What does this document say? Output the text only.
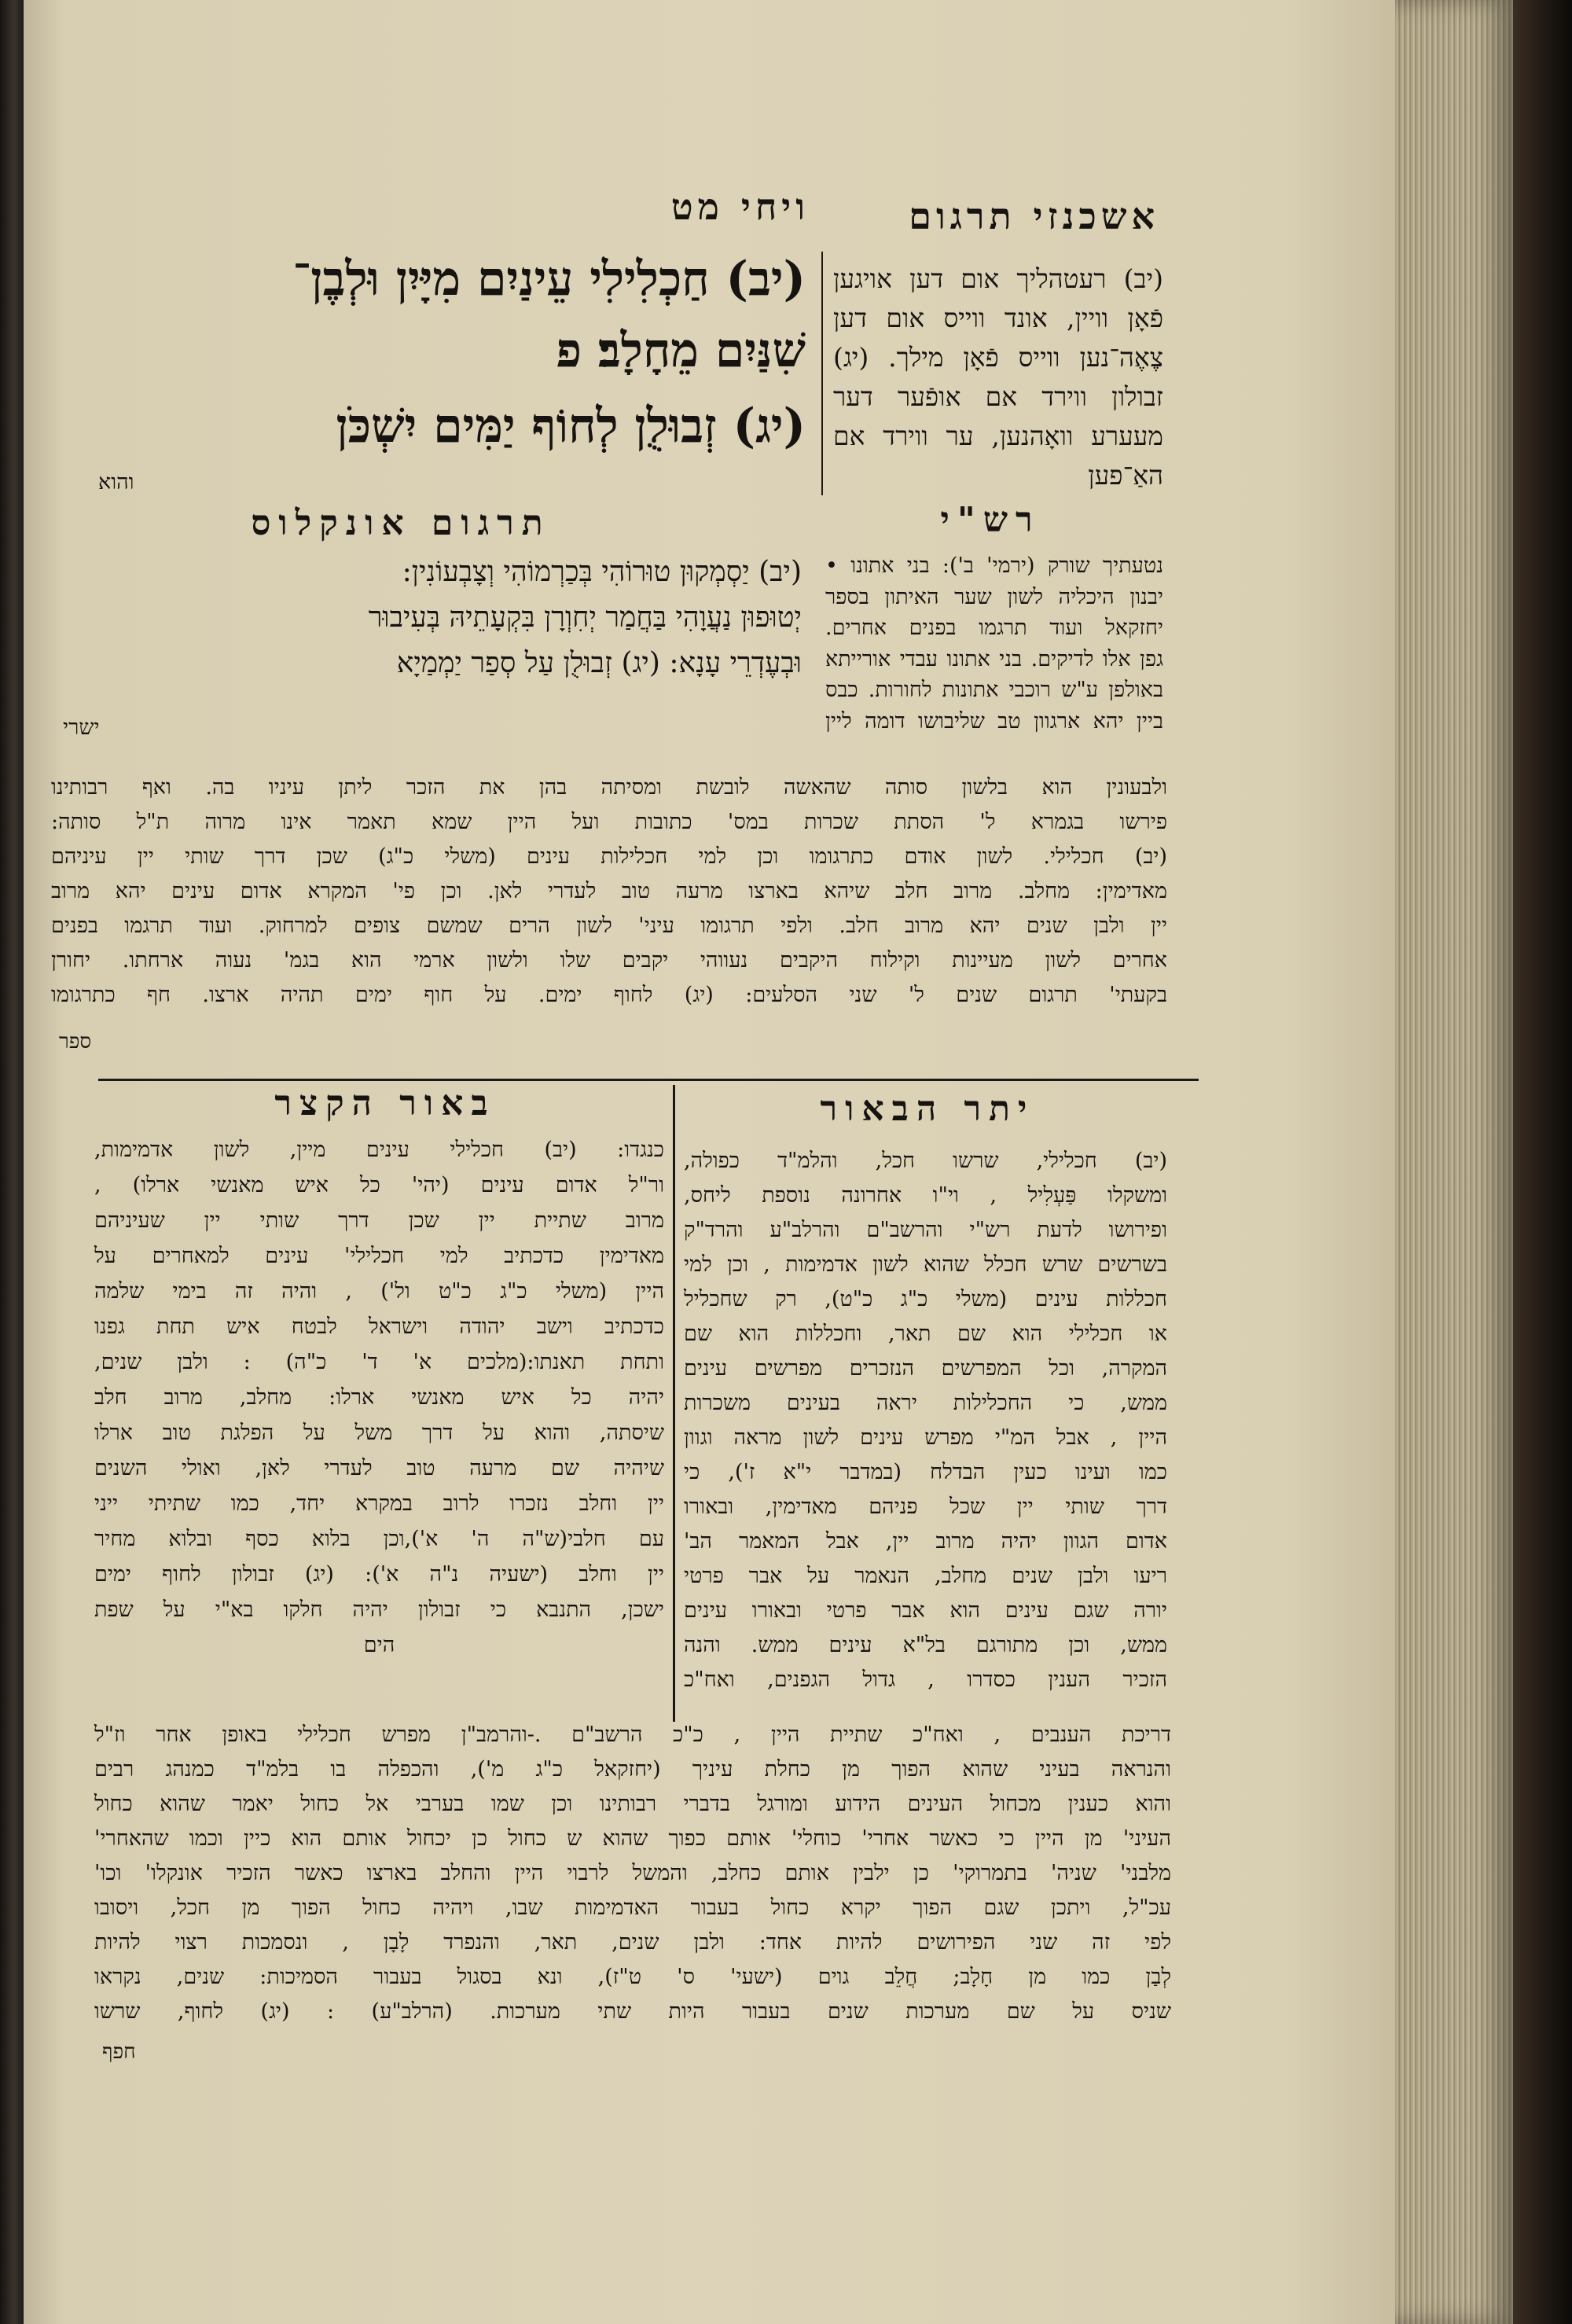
אשכנזי תרגום
ויחי מט
(יב) חַכְלִילִי עֵינַיִם מִיָּיִן וּלְבֶן־
שִׁנַּיִם מֵחָלָב׃ פ
(יג) זְבוּלֻן לְחוֹף יַמִּים יִשְׁכֹּן
והוא
(יב) רעטהליך אום דען אויגען פֿאָן וויין, אונד ווייס אום דען צֶאֶה־נען ווייס פֿאָן מילך. (יג) זבולון ווירד אם אופֿער דער מעערע וואָהנען, ער ווירד אם האַ־פען
תרגום אונקלוס
(יב) יַסְמְקוּן טוּרוֹהִי בְּכַרְמוֹהִי וְצָבְעוֹנִין:
יְטוּפוּן נַעֲוָהִי בַּחֲמַר יְחִוְרָן בִּקְעָתֵיהּ בְּעִיבוּר
וּבְעֶדְרֵי עָנָא: (יג) זְבוּלֻן עַל סְפַר יַמְמַיָא
ישרי
רש"י
נטעתיך שורק (ירמי' ב'): בני אתונו •
יבנון היכליה לשון שער האיתון בספר
יחזקאל ועוד תרגמו בפנים אחרים.
גפן אלו לדיקים. בני אתונו עבדי אורייתא
באולפן ע"ש רוכבי אתונות לחורות. כבס
ביין יהא ארגוון טב שליבושו דומה ליין
ולבעונין הוא בלשון סותה שהאשה לובשת ומסיתה בהן את הזכר ליתן עיניו בה. ואף רבותינו
פירשו בגמרא ל' הסתת שכרות במס' כתובות ועל היין שמא תאמר אינו מרוה ת"ל סותה:
(יב) חכלילי. לשון אודם כתרגומו וכן למי חכלילות עינים (משלי כ"ג) שכן דרך שותי יין עיניהם
מאדימין: מחלב. מרוב חלב שיהא בארצו מרעה טוב לעדרי לאן. וכן פי' המקרא אדום עינים יהא מרוב
יין ולבן שנים יהא מרוב חלב. ולפי תרגומו עיני' לשון הרים שמשם צופים למרחוק. ועוד תרגמו בפנים
אחרים לשון מעיינות וקילוח היקבים נעווהי יקבים שלו ולשון ארמי הוא בגמ' נעוה ארחתו. יחורן
בקעתי' תרגום שנים ל' שני הסלעים: (יג) לחוף ימים. על חוף ימים תהיה ארצו. חף כתרגומו
ספר
יתר הבאור
(יב) חכלילי, שרשו חכל, והלמ"ד כפולה,
ומשקלו פַּעְלִיל , וי"ו אחרונה נוספת ליחס,
ופירושו לדעת רש"י והרשב"ם והרלב"ע והרד"ק
בשרשים שרש חכלל שהוא לשון אדמימות , וכן למי
חכללות עינים (משלי כ"ג כ"ט), רק שחכליל
או חכלילי הוא שם תאר, וחכללות הוא שם
המקרה, וכל המפרשים הנזכרים מפרשים עינים
ממש, כי החכלילות יראה בעינים משכרות
היין , אבל המ"י מפרש עינים לשון מראה וגוון
כמו ועינו כעין הבדלח (במדבר י"א ז'), כי
דרך שותי יין שכל פניהם מאדימין, ובאורו
אדום הגוון יהיה מרוב יין, אבל המאמר הב'
ריעו ולבן שנים מחלב, הנאמר על אבר פרטי
יורה שגם עינים הוא אבר פרטי ובאורו עינים
ממש, וכן מתורגם בל"א עינים ממש. והנה
הזכיר הענין כסדרו , גדול הגפנים, ואח"כ
באור הקצר
כנגדו: (יב) חכלילי עינים מיין, לשון אדמימות,
ור"ל אדום עינים (יהי' כל איש מאנשי ארלו) ,
מרוב שתיית יין שכן דרך שותי יין שעיניהם
מאדימין כדכתיב למי חכלילי' עינים למאחרים על
היין (משלי כ"ג כ"ט ול') , והיה זה בימי שלמה
כדכתיב וישב יהודה וישראל לבטח איש תחת גפנו
ותחת תאנתו:(מלכים א' ד' כ"ה) : ולבן שנים,
יהיה כל איש מאנשי ארלו: מחלב, מרוב חלב
שיסתה, והוא על דרך משל על הפלגת טוב ארלו
שיהיה שם מרעה טוב לעדרי לאן, ואולי השנים
יין וחלב נזכרו לרוב במקרא יחד, כמו שתיתי ייני
עם חלבי(ש"ה ה' א'),וכן בלוא כסף ובלוא מחיר
יין וחלב (ישעיה נ"ה א'): (יג) זבולון לחוף ימים
ישכן, התנבא כי זבולון יהיה חלקו בא"י על שפת
הים
דריכת הענבים , ואח"כ שתיית היין , כ"כ הרשב"ם .-והרמב"ן מפרש חכלילי באופן אחר וז"ל
והנראה בעיני שהוא הפוך מן כחלת עיניך (יחזקאל כ"ג מ'), והכפלה בו בלמ"ד כמנהג רבים
והוא כענין מכחול העינים הידוע ומורגל בדברי רבותינו וכן שמו בערבי אל כחול יאמר שהוא כחול
העיני' מן היין כי כאשר אחרי' כוחלי' אותם כפוך שהוא ש כחול כן יכחול אותם הוא כיין וכמו שהאחרי'
מלבני' שניה' בתמרוקי' כן ילבין אותם כחלב, והמשל לרבוי היין והחלב בארצו כאשר הזכיר אונקלו' וכו'
עכ"ל, ויתכן שגם הפוך יקרא כחול בעבור האדמימות שבו, ויהיה כחול הפוך מן חכל, ויסובו
לפי זה שני הפירושים להיות אחד: ולבן שנים, תאר, והנפרד לָבָן , ונסמכות רצוי להיות
לְבַן כמו מן חָלָב; חֲלֵב גוים (ישעי' ס' ט"ז), ונא בסגול בעבור הסמיכות: שנים, נקראו
שניס על שם מערכות שנים בעבור היות שתי מערכות. (הרלב"ע) : (יג) לחוף, שרשו
חפף
